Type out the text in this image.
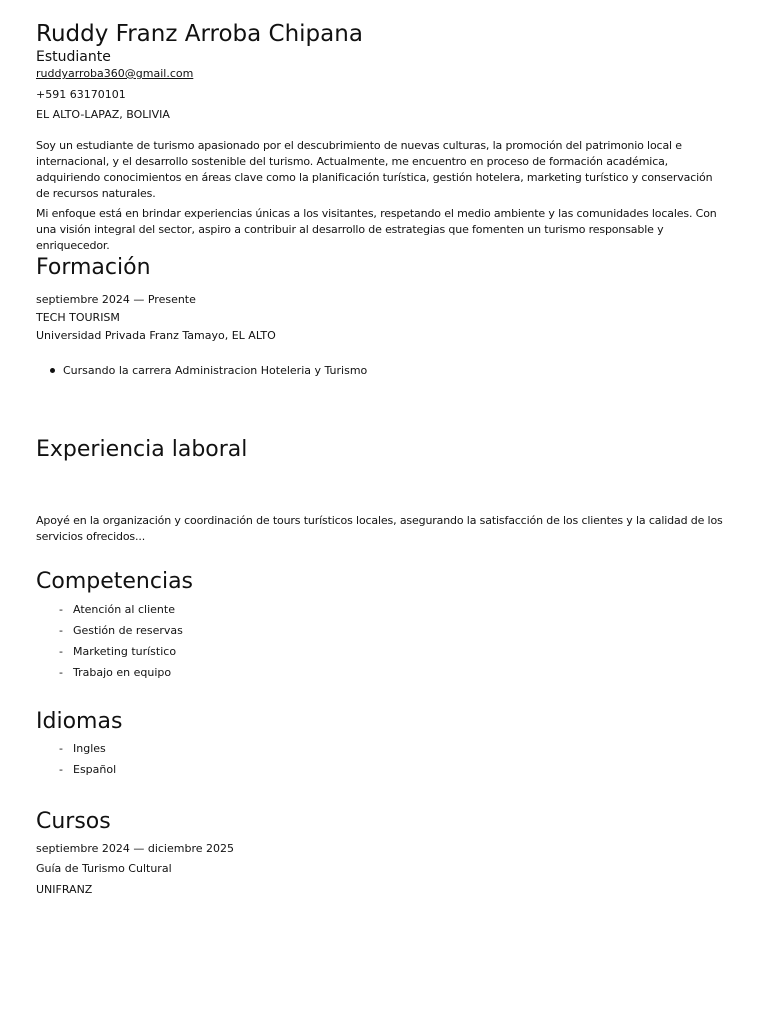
Ruddy Franz Arroba Chipana
Estudiante
ruddyarroba360@gmail.com
+591 63170101
EL ALTO-LAPAZ, BOLIVIA
Soy un estudiante de turismo apasionado por el descubrimiento de nuevas culturas, la promoción del patrimonio local e internacional, y el desarrollo sostenible del turismo. Actualmente, me encuentro en proceso de formación académica, adquiriendo conocimientos en áreas clave como la planificación turística, gestión hotelera, marketing turístico y conservación de recursos naturales.
Mi enfoque está en brindar experiencias únicas a los visitantes, respetando el medio ambiente y las comunidades locales. Con una visión integral del sector, aspiro a contribuir al desarrollo de estrategias que fomenten un turismo responsable y enriquecedor.
Formación
septiembre 2024 — Presente
TECH TOURISM
Universidad Privada Franz Tamayo, EL ALTO
Cursando la carrera Administracion Hoteleria y Turismo
Experiencia laboral
Apoyé en la organización y coordinación de tours turísticos locales, asegurando la satisfacción de los clientes y la calidad de los servicios ofrecidos...
Competencias
- Atención al cliente
- Gestión de reservas
- Marketing turístico
- Trabajo en equipo
Idiomas
- Ingles
- Español
Cursos
septiembre 2024 — diciembre 2025
Guía de Turismo Cultural
UNIFRANZ
